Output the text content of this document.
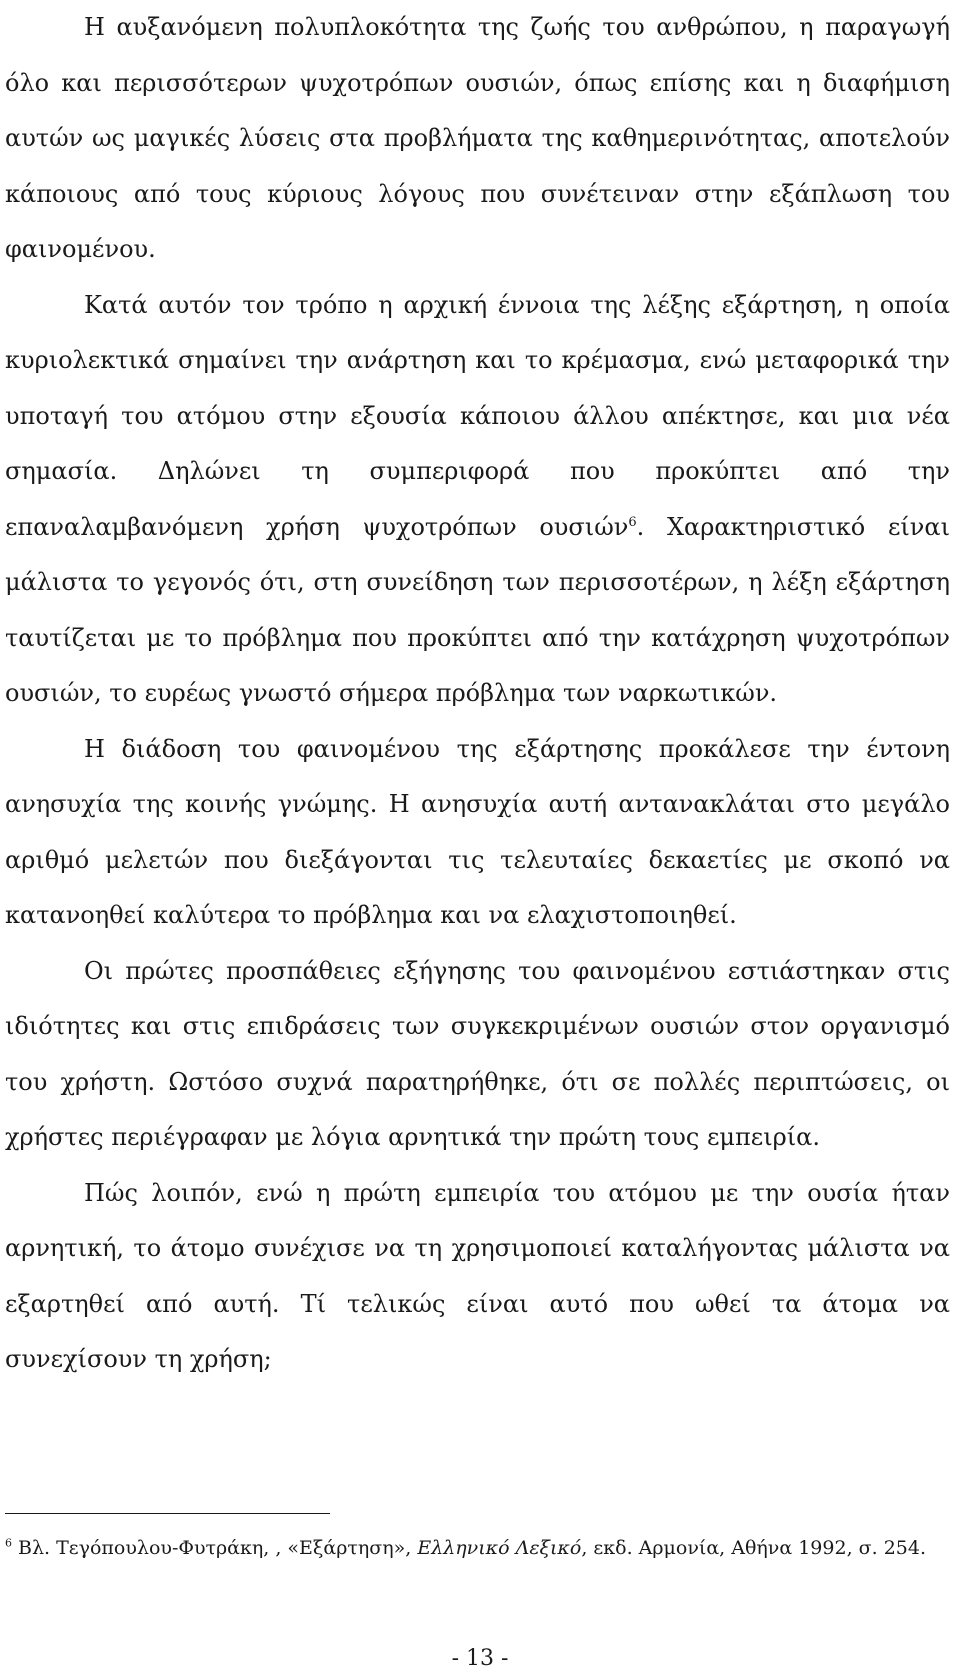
Η αυξανόμενη πολυπλοκότητα της ζωής του ανθρώπου, η παραγωγή όλο και περισσότερων ψυχοτρόπων ουσιών, όπως επίσης και η διαφήμιση αυτών ως μαγικές λύσεις στα προβλήματα της καθημερινότητας, αποτελούν κάποιους από τους κύριους λόγους που συνέτειναν στην εξάπλωση του φαινομένου.

Κατά αυτόν τον τρόπο η αρχική έννοια της λέξης εξάρτηση, η οποία κυριολεκτικά σημαίνει την ανάρτηση και το κρέμασμα, ενώ μεταφορικά την υποταγή του ατόμου στην εξουσία κάποιου άλλου απέκτησε, και μια νέα σημασία. Δηλώνει τη συμπεριφορά που προκύπτει από την επαναλαμβανόμενη χρήση ψυχοτρόπων ουσιών$^6$. Χαρακτηριστικό είναι μάλιστα το γεγονός ότι, στη συνείδηση των περισσοτέρων, η λέξη εξάρτηση ταυτίζεται με το πρόβλημα που προκύπτει από την κατάχρηση ψυχοτρόπων ουσιών, το ευρέως γνωστό σήμερα πρόβλημα των ναρκωτικών.

Η διάδοση του φαινομένου της εξάρτησης προκάλεσε την έντονη ανησυχία της κοινής γνώμης. Η ανησυχία αυτή αντανακλάται στο μεγάλο αριθμό μελετών που διεξάγονται τις τελευταίες δεκαετίες με σκοπό να κατανοηθεί καλύτερα το πρόβλημα και να ελαχιστοποιηθεί.

Οι πρώτες προσπάθειες εξήγησης του φαινομένου εστιάστηκαν στις ιδιότητες και στις επιδράσεις των συγκεκριμένων ουσιών στον οργανισμό του χρήστη. Ωστόσο συχνά παρατηρήθηκε, ότι σε πολλές περιπτώσεις, οι χρήστες περιέγραφαν με λόγια αρνητικά την πρώτη τους εμπειρία.

Πώς λοιπόν, ενώ η πρώτη εμπειρία του ατόμου με την ουσία ήταν αρνητική, το άτομο συνέχισε να τη χρησιμοποιεί καταλήγοντας μάλιστα να εξαρτηθεί από αυτή. Τί τελικώς είναι αυτό που ωθεί τα άτομα να συνεχίσουν τη χρήση;

$^6$ Βλ. Τεγόπουλου-Φυτράκη, , «Εξάρτηση», Ελληνικό Λεξικό, εκδ. Αρμονία, Αθήνα 1992, σ. 254.
- 13 -
